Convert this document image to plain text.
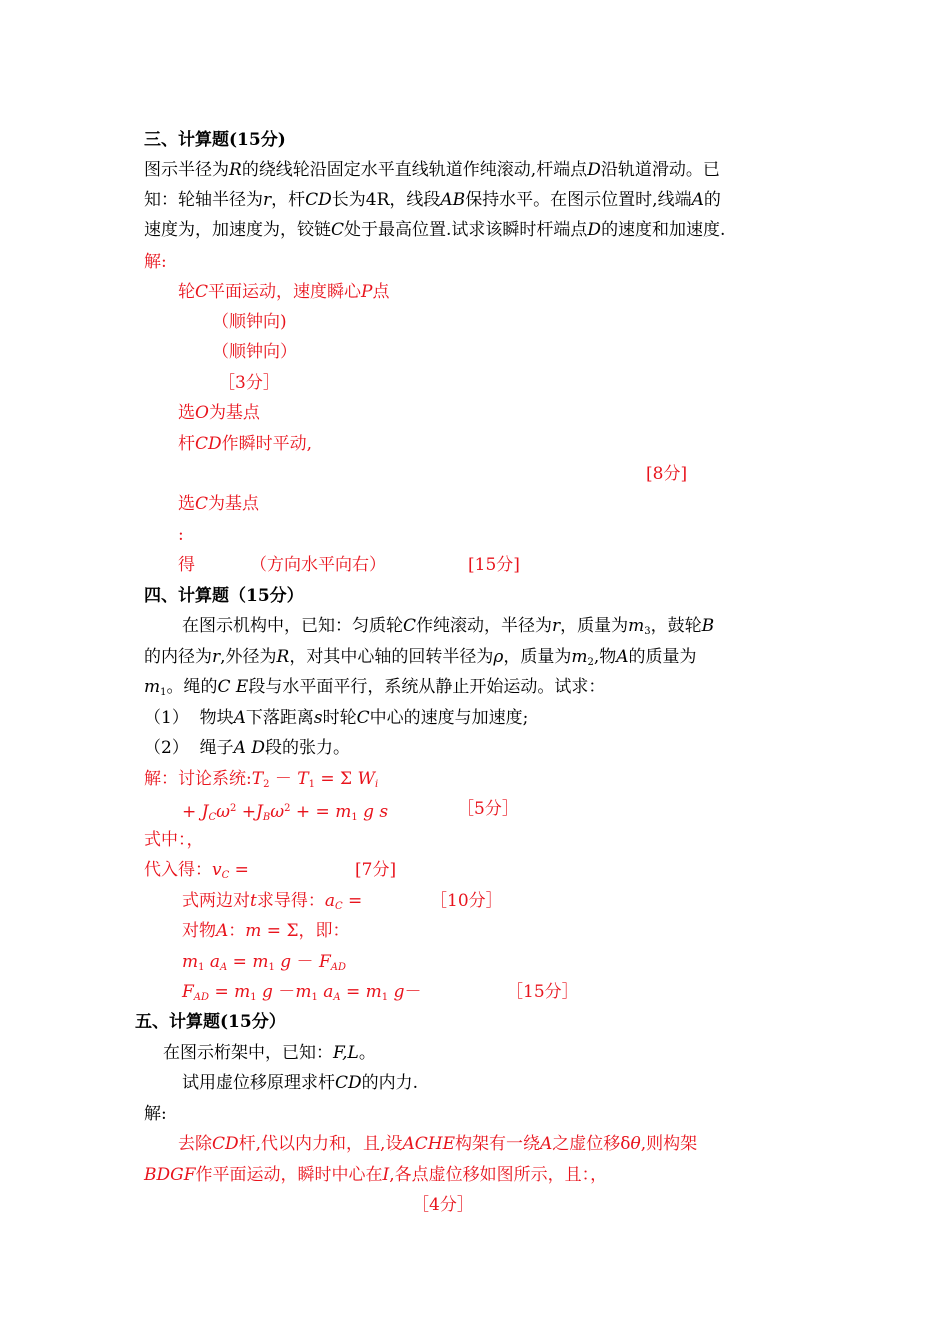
三、计算题(15分)
图示半径为R的绕线轮沿固定水平直线轨道作纯滚动,杆端点D沿轨道滑动。已
知：轮轴半径为r，杆CD长为4R，线段AB保持水平。在图示位置时,线端A的
速度为，加速度为，铰链C处于最高位置.试求该瞬时杆端点D的速度和加速度.
解:
轮C平面运动，速度瞬心P点
（顺钟向)
（顺钟向）
［3分］
选O为基点
杆CD作瞬时平动,
[8分]
选C为基点
:
得	（方向水平向右）	[15分]
四、计算题（15分）
在图示机构中，已知：匀质轮C作纯滚动，半径为r，质量为$m_3$，鼓轮B
的内径为r,外径为R，对其中心轴的回转半径为ρ，质量为$m_2$,物A的质量为
$m_1$。绳的C E段与水平面平行，系统从静止开始运动。试求：
（1） 物块A下落距离s时轮C中心的速度与加速度;
（2） 绳子A D段的张力。
解：讨论系统$:T_2 - T_1 = \Sigma$ $W_i$
+ $J_C\omega^2 +J_B\omega^2$ + = $m_1$ g s	［5分］
式中：，
代入得：$v_C$ =	[7分]
式两边对t求导得：$a_C$ =	［10分］
对物A：m = Σ，即：
$m_1$ $a_A = m_1$ $g - F_{AD}$
$F_{AD} = m_1$ $g -m_1$ $a_A = m_1$ g－	［15分］
五、计算题(15分）
在图示桁架中，已知：F,L。
试用虚位移原理求杆CD的内力.
解:
去除CD杆,代以内力和，且,设ACHE构架有一绕A之虚位移δθ,则构架
BDGF作平面运动，瞬时中心在I,各点虚位移如图所示，且：，
［4分］
